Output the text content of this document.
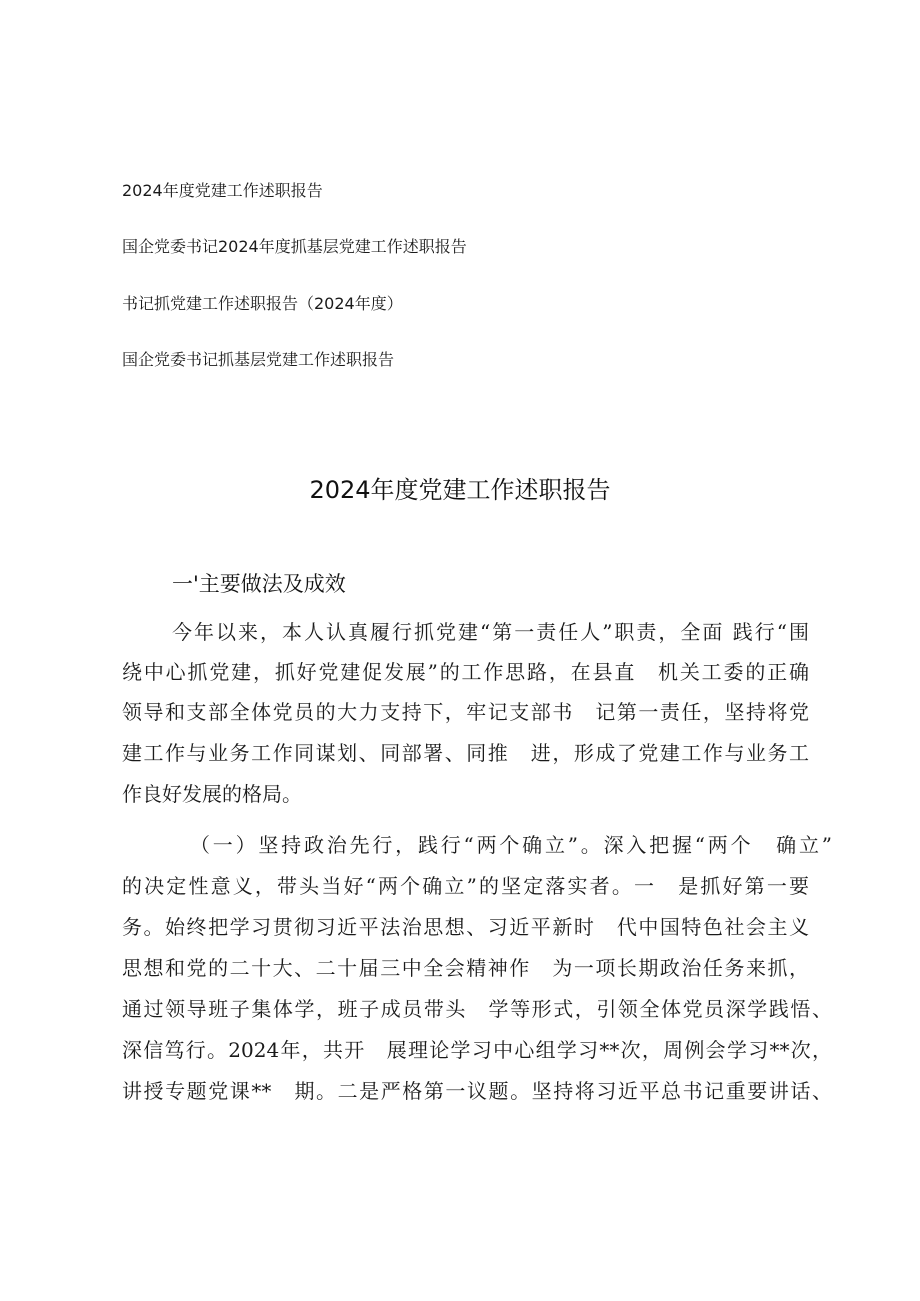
2024年度党建工作述职报告
国企党委书记2024年度抓基层党建工作述职报告
书记抓党建工作述职报告（2024年度）
国企党委书记抓基层党建工作述职报告
2024年度党建工作述职报告
一'主要做法及成效
今年以来，本人认真履行抓党建“第一责任人”职责，全面 践行“围
绕中心抓党建，抓好党建促发展”的工作思路，在县直　机关工委的正确
领导和支部全体党员的大力支持下，牢记支部书　记第一责任，坚持将党
建工作与业务工作同谋划、同部署、同推　进，形成了党建工作与业务工
作良好发展的格局。
（一）坚持政治先行，践行“两个确立”。深入把握“两个　确立”
的决定性意义，带头当好“两个确立”的坚定落实者。一　是抓好第一要
务。始终把学习贯彻习近平法治思想、习近平新时　代中国特色社会主义
思想和党的二十大、二十届三中全会精神作　为一项长期政治任务来抓，
通过领导班子集体学，班子成员带头　学等形式，引领全体党员深学践悟、
深信笃行。2024年，共开　展理论学习中心组学习**次，周例会学习**次，
讲授专题党课**　期。二是严格第一议题。坚持将习近平总书记重要讲话、
